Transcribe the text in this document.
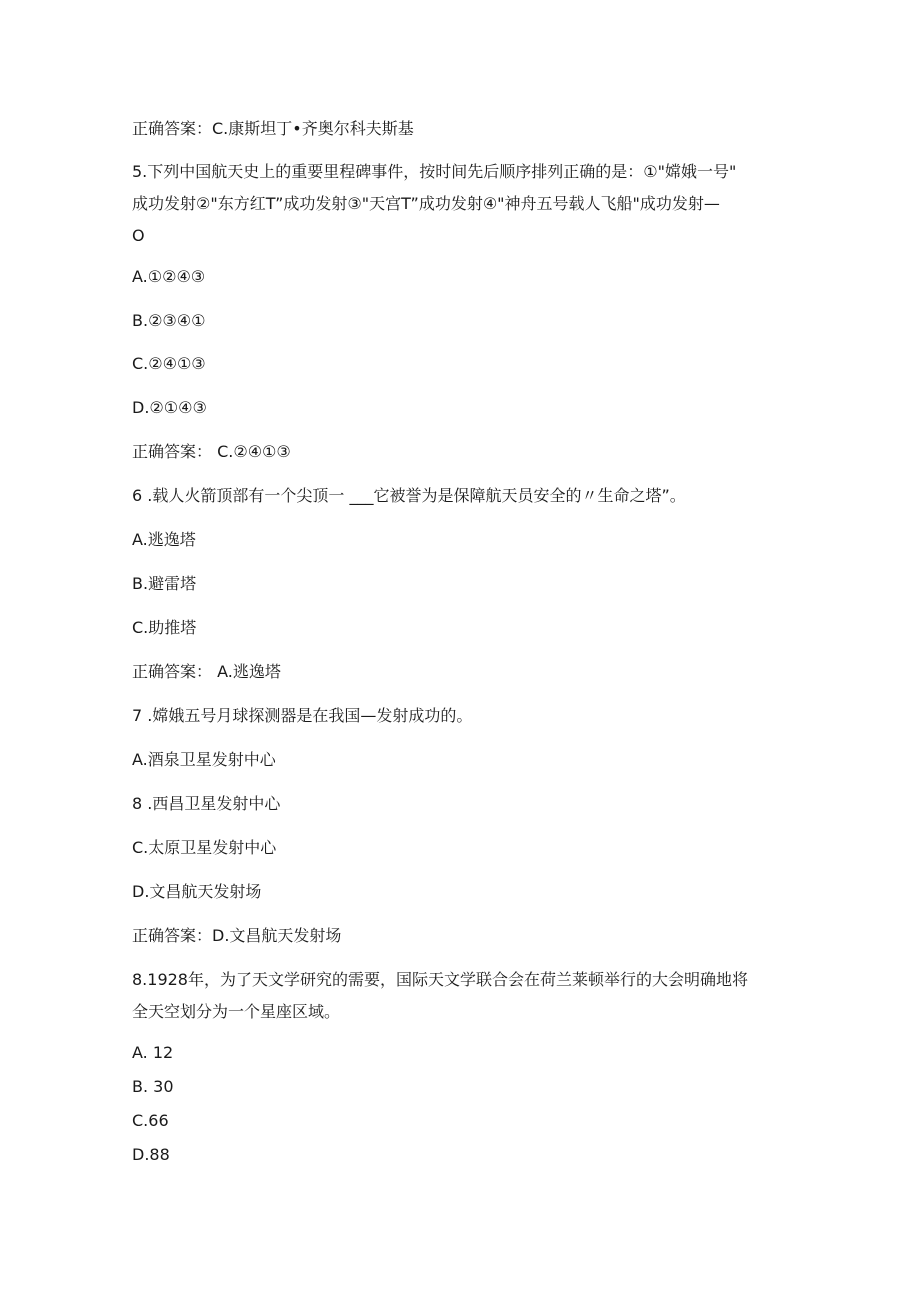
正确答案：C.康斯坦丁•齐奥尔科夫斯基

5.下列中国航天史上的重要里程碑事件，按时间先后顺序排列正确的是：①"嫦娥一号"

成功发射②"东方红T”成功发射③"天宫T”成功发射④"神舟五号载人飞船"成功发射—

O

A.①②④③

B.②③④①

C.②④①③

D.②①④③

正确答案： C.②④①③

6 .载人火箭顶部有一个尖顶一 ___它被誉为是保障航天员安全的〃生命之塔”。

A.逃逸塔

B.避雷塔

C.助推塔

正确答案： A.逃逸塔

7 .嫦娥五号月球探测器是在我国—发射成功的。

A.酒泉卫星发射中心

8 .西昌卫星发射中心

C.太原卫星发射中心

D.文昌航天发射场

正确答案：D.文昌航天发射场

8.1928年，为了天文学研究的需要，国际天文学联合会在荷兰莱顿举行的大会明确地将

全天空划分为一个星座区域。

A. 12

B. 30

C.66

D.88
